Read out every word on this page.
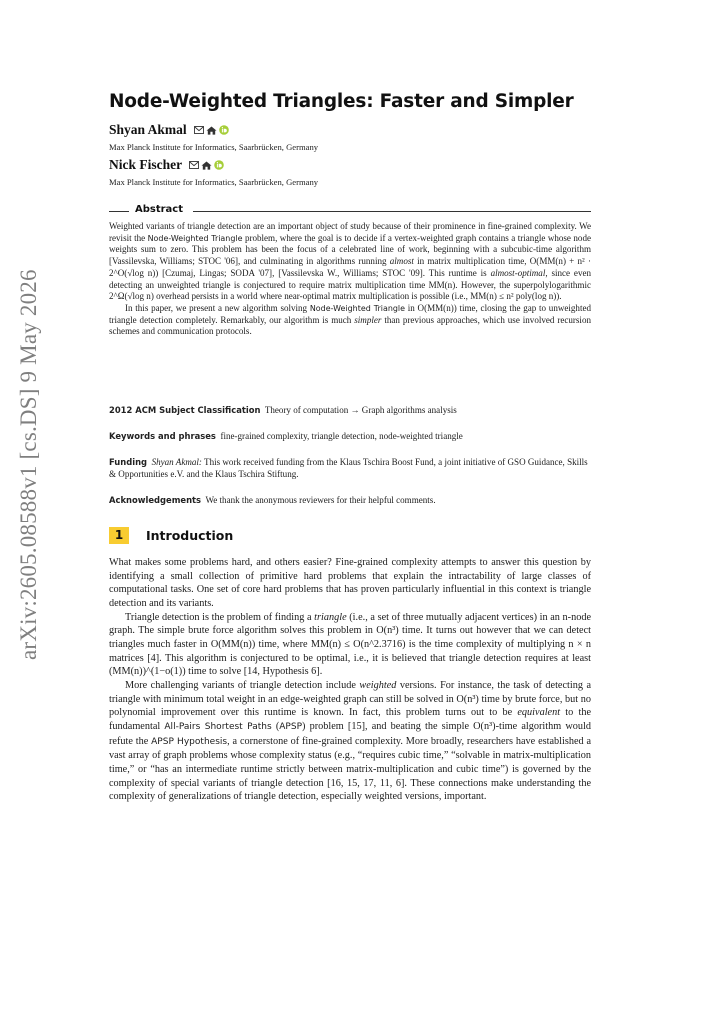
arXiv:2605.08588v1 [cs.DS] 9 May 2026
Node-Weighted Triangles: Faster and Simpler
Shyan Akmal
Max Planck Institute for Informatics, Saarbrücken, Germany
Nick Fischer
Max Planck Institute for Informatics, Saarbrücken, Germany
Abstract

Weighted variants of triangle detection are an important object of study because of their prominence in fine-grained complexity. We revisit the Node-Weighted Triangle problem, where the goal is to decide if a vertex-weighted graph contains a triangle whose node weights sum to zero. This problem has been the focus of a celebrated line of work, beginning with a subcubic-time algorithm [Vassilevska, Williams; STOC '06], and culminating in algorithms running almost in matrix multiplication time, O(MM(n) + n² · 2^O(√log n)) [Czumaj, Lingas; SODA '07], [Vassilevska W., Williams; STOC '09]. This runtime is almost-optimal, since even detecting an unweighted triangle is conjectured to require matrix multiplication time MM(n). However, the superpolylogarithmic 2^Ω(√log n) overhead persists in a world where near-optimal matrix multiplication is possible (i.e., MM(n) ≤ n² poly(log n)).

In this paper, we present a new algorithm solving Node-Weighted Triangle in O(MM(n)) time, closing the gap to unweighted triangle detection completely. Remarkably, our algorithm is much simpler than previous approaches, which use involved recursion schemes and communication protocols.

2012 ACM Subject Classification Theory of computation → Graph algorithms analysis
Keywords and phrases fine-grained complexity, triangle detection, node-weighted triangle
Funding Shyan Akmal: This work received funding from the Klaus Tschira Boost Fund, a joint initiative of GSO Guidance, Skills & Opportunities e.V. and the Klaus Tschira Stiftung.
Acknowledgements We thank the anonymous reviewers for their helpful comments.
1	Introduction

What makes some problems hard, and others easier? Fine-grained complexity attempts to answer this question by identifying a small collection of primitive hard problems that explain the intractability of large classes of computational tasks. One set of core hard problems that has proven particularly influential in this context is triangle detection and its variants.

Triangle detection is the problem of finding a triangle (i.e., a set of three mutually adjacent vertices) in an n-node graph. The simple brute force algorithm solves this problem in O(n³) time. It turns out however that we can detect triangles much faster in O(MM(n)) time, where MM(n) ≤ O(n^2.3716) is the time complexity of multiplying n × n matrices [4]. This algorithm is conjectured to be optimal, i.e., it is believed that triangle detection requires at least (MM(n))^(1−o(1)) time to solve [14, Hypothesis 6].

More challenging variants of triangle detection include weighted versions. For instance, the task of detecting a triangle with minimum total weight in an edge-weighted graph can still be solved in O(n³) time by brute force, but no polynomial improvement over this runtime is known. In fact, this problem turns out to be equivalent to the fundamental All-Pairs Shortest Paths (APSP) problem [15], and beating the simple O(n³)-time algorithm would refute the APSP Hypothesis, a cornerstone of fine-grained complexity. More broadly, researchers have established a vast array of graph problems whose complexity status (e.g., “requires cubic time,” “solvable in matrix-multiplication time,” or “has an intermediate runtime strictly between matrix-multiplication and cubic time”) is governed by the complexity of special variants of triangle detection [16, 15, 17, 11, 6]. These connections make understanding the complexity of generalizations of triangle detection, especially weighted versions, important.
